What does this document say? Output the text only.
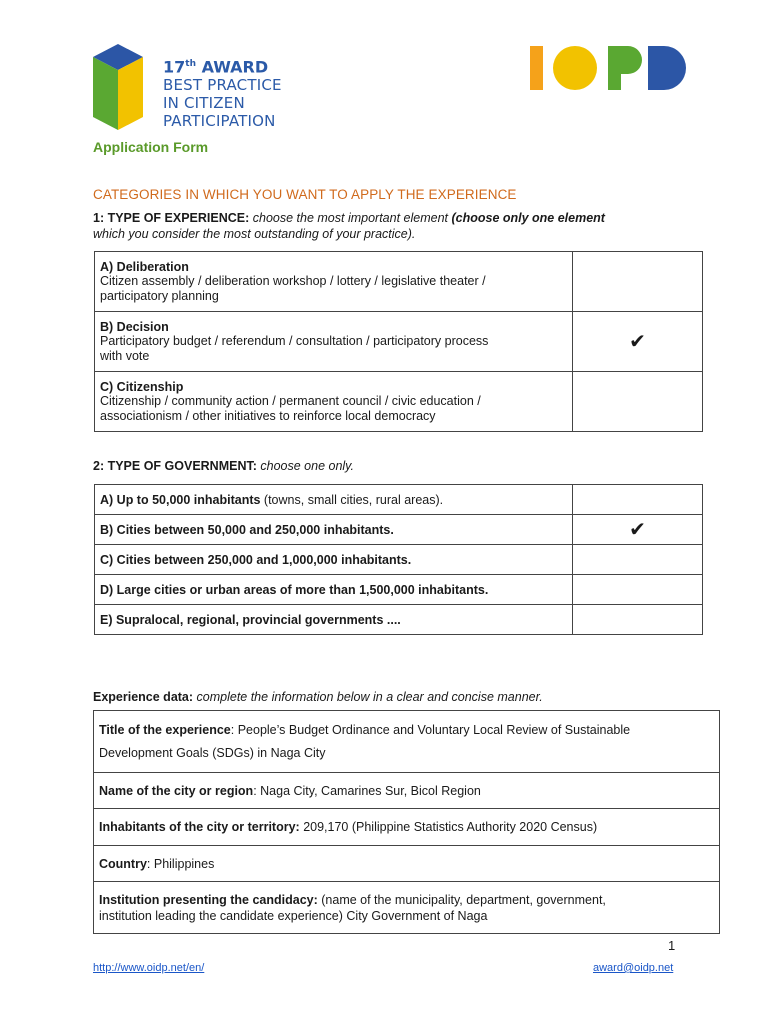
17th AWARD
BEST PRACTICE
IN CITIZEN
PARTICIPATION
Application Form
CATEGORIES IN WHICH YOU WANT TO APPLY THE EXPERIENCE
1: TYPE OF EXPERIENCE: choose the most important element (choose only one element
which you consider the most outstanding of your practice).
A) Deliberation
Citizen assembly / deliberation workshop / lottery / legislative theater /
participatory planning	

B) Decision
Participatory budget / referendum / consultation / participatory process
with vote	✔

C) Citizenship
Citizenship / community action / permanent council / civic education /
associationism / other initiatives to reinforce local democracy	

2: TYPE OF GOVERNMENT: choose one only.
A) Up to 50,000 inhabitants (towns, small cities, rural areas).	
B) Cities between 50,000 and 250,000 inhabitants.	✔
C) Cities between 250,000 and 1,000,000 inhabitants.	
D) Large cities or urban areas of more than 1,500,000 inhabitants.	
E) Supralocal, regional, provincial governments ....	
Experience data: complete the information below in a clear and concise manner.
Title of the experience: People’s Budget Ordinance and Voluntary Local Review of Sustainable
Development Goals (SDGs) in Naga City
Name of the city or region: Naga City, Camarines Sur, Bicol Region
Inhabitants of the city or territory: 209,170 (Philippine Statistics Authority 2020 Census)
Country: Philippines
Institution presenting the candidacy: (name of the municipality, department, government,
institution leading the candidate experience) City Government of Naga
1
http://www.oidp.net/en/	award@oidp.net
